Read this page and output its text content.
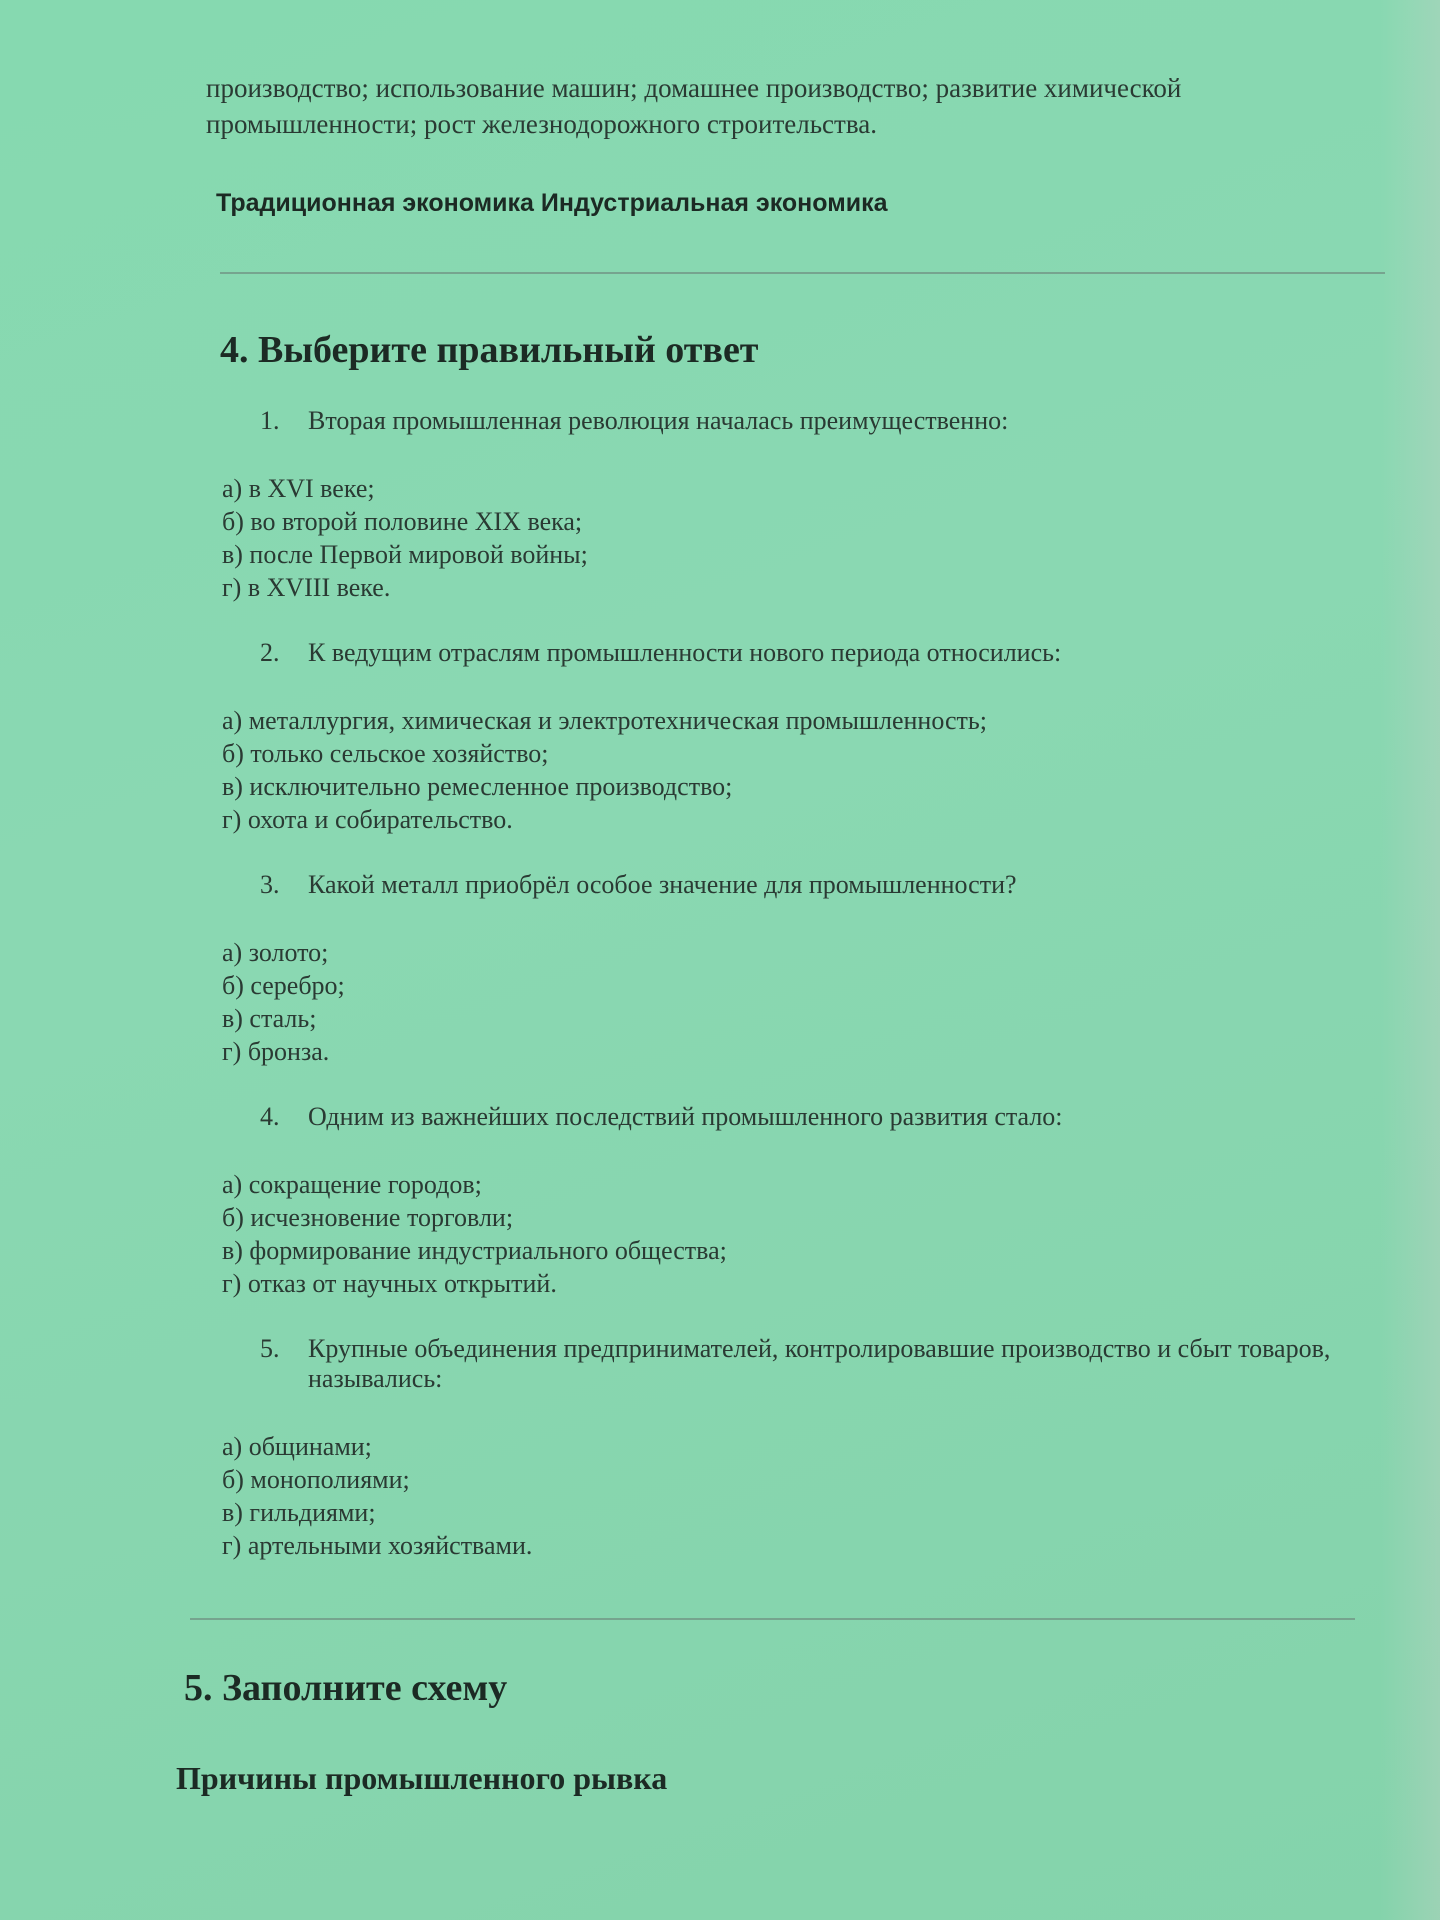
производство; использование машин; домашнее производство; развитие химической
промышленности; рост железнодорожного строительства.

Традиционная экономика Индустриальная экономика
4. Выберите правильный ответ
1.	Вторая промышленная революция началась преимущественно:
а) в XVI веке;
б) во второй половине XIX века;
в) после Первой мировой войны;
г) в XVIII веке.
2.	К ведущим отраслям промышленности нового периода относились:
а) металлургия, химическая и электротехническая промышленность;
б) только сельское хозяйство;
в) исключительно ремесленное производство;
г) охота и собирательство.
3.	Какой металл приобрёл особое значение для промышленности?
а) золото;
б) серебро;
в) сталь;
г) бронза.
4.	Одним из важнейших последствий промышленного развития стало:
а) сокращение городов;
б) исчезновение торговли;
в) формирование индустриального общества;
г) отказ от научных открытий.
5.	Крупные объединения предпринимателей, контролировавшие производство и сбыт товаров, назывались:
а) общинами;
б) монополиями;
в) гильдиями;
г) артельными хозяйствами.
5. Заполните схему
Причины промышленного рывка
